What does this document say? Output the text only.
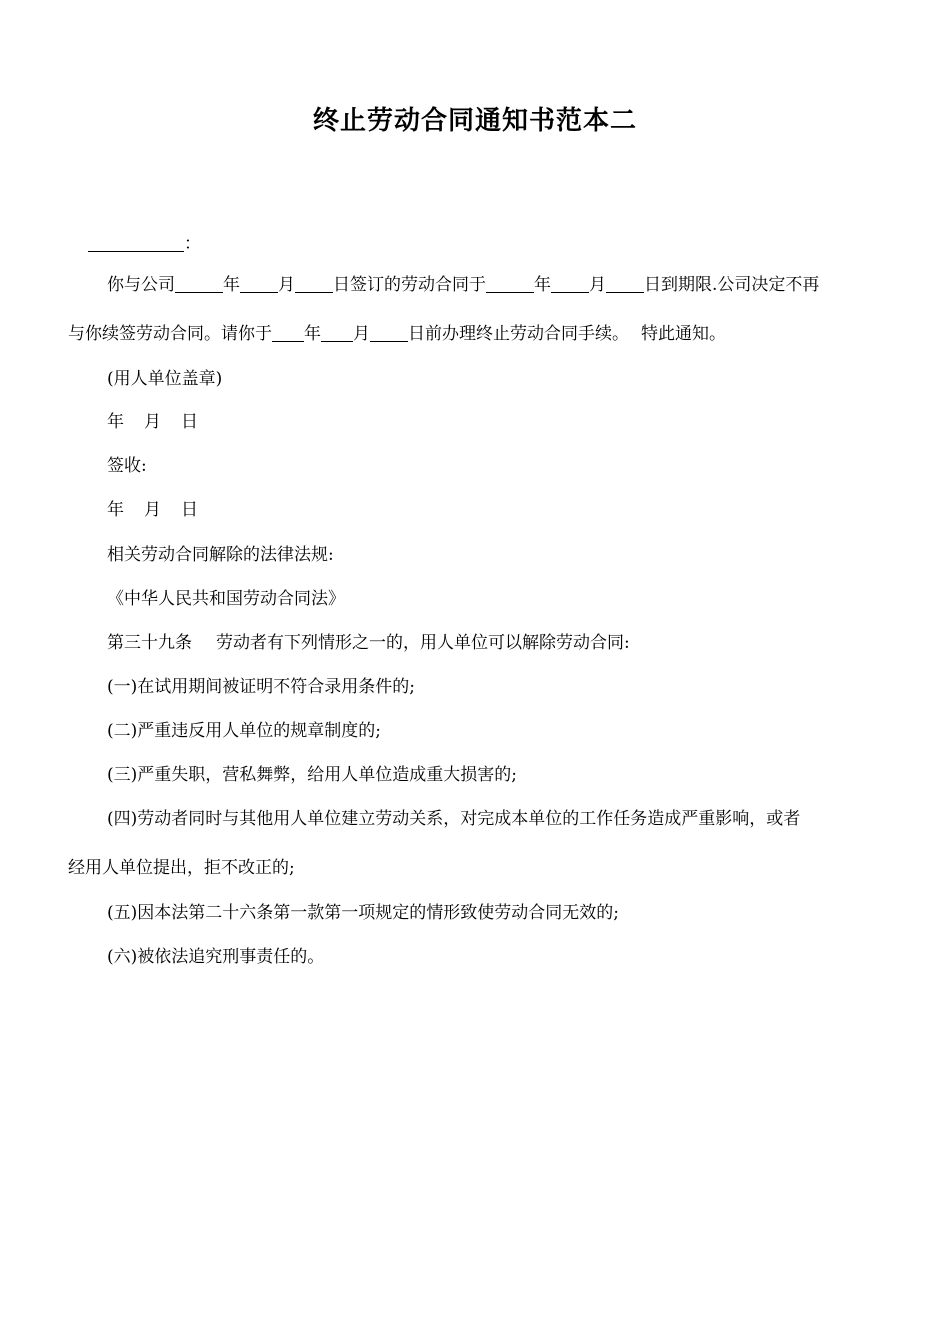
终止劳动合同通知书范本二
：
你与公司	年 月 日签订的劳动合同于	年 月 日到期限.公司决定不再
与你续签劳动合同。请你于 年 月 日前办理终止劳动合同手续。 特此通知。
(用人单位盖章)
年 月 日
签收:
年 月 日
相关劳动合同解除的法律法规:
《中华人民共和国劳动合同法》
第三十九条 劳动者有下列情形之一的，用人单位可以解除劳动合同:
(一)在试用期间被证明不符合录用条件的;
(二)严重违反用人单位的规章制度的;
(三)严重失职，营私舞弊，给用人单位造成重大损害的;
(四)劳动者同时与其他用人单位建立劳动关系，对完成本单位的工作任务造成严重影响，或者
经用人单位提出，拒不改正的;
(五)因本法第二十六条第一款第一项规定的情形致使劳动合同无效的;
(六)被依法追究刑事责任的。
